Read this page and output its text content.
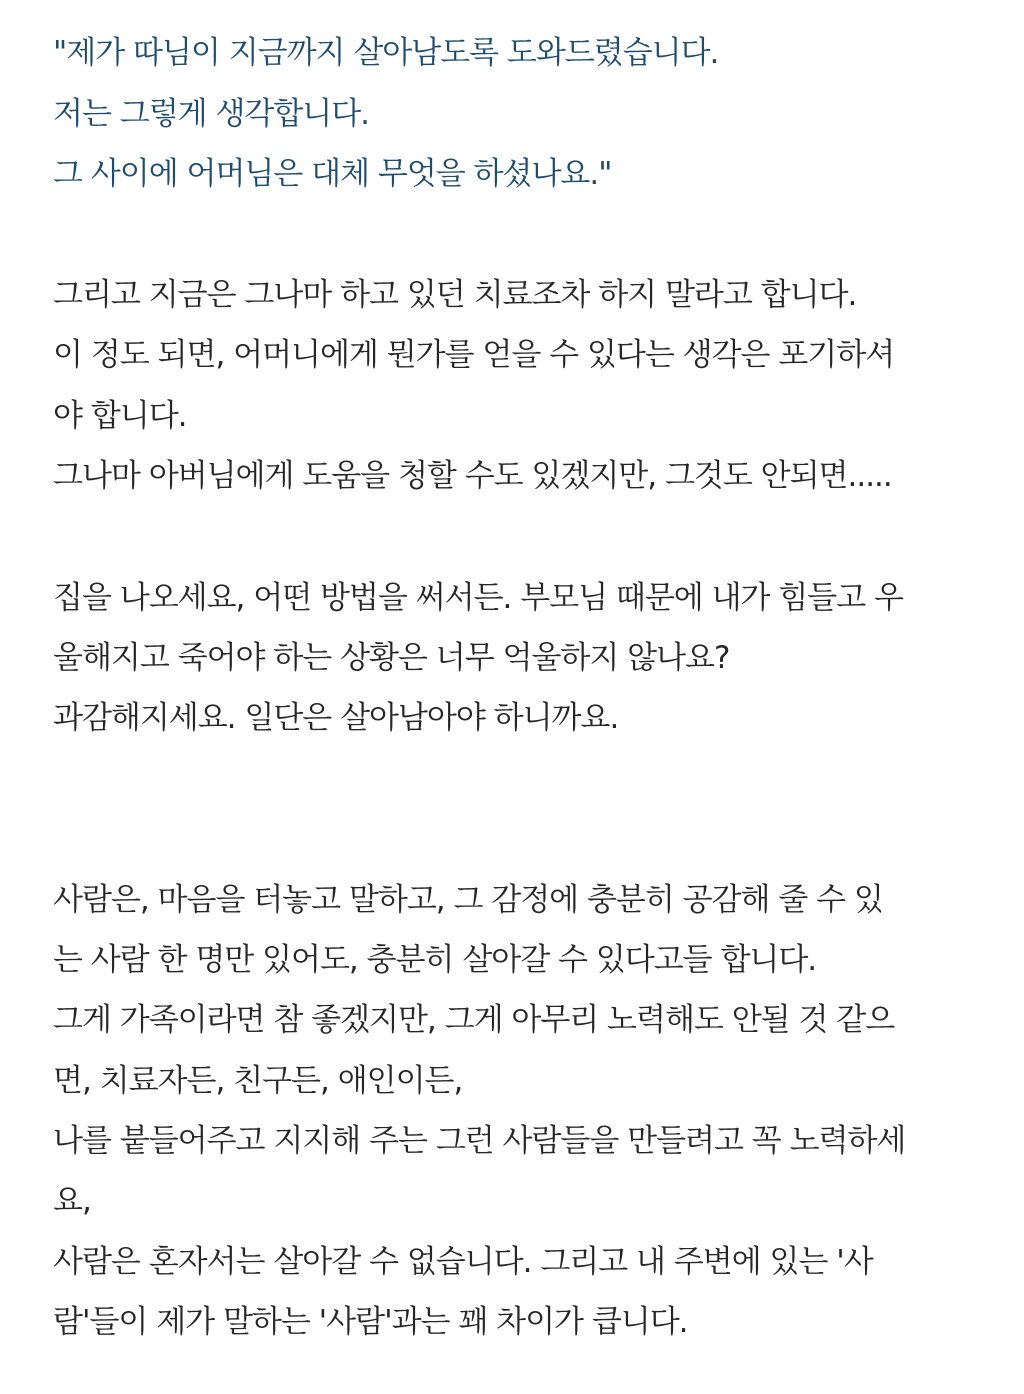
"제가 따님이 지금까지 살아남도록 도와드렸습니다.
저는 그렇게 생각합니다.
그 사이에 어머님은 대체 무엇을 하셨나요."
그리고 지금은 그나마 하고 있던 치료조차 하지 말라고 합니다.
이 정도 되면, 어머니에게 뭔가를 얻을 수 있다는 생각은 포기하셔
야 합니다.
그나마 아버님에게 도움을 청할 수도 있겠지만, 그것도 안되면.....
집을 나오세요, 어떤 방법을 써서든. 부모님 때문에 내가 힘들고 우
울해지고 죽어야 하는 상황은 너무 억울하지 않나요?
과감해지세요. 일단은 살아남아야 하니까요.
사람은, 마음을 터놓고 말하고, 그 감정에 충분히 공감해 줄 수 있
는 사람 한 명만 있어도, 충분히 살아갈 수 있다고들 합니다.
그게 가족이라면 참 좋겠지만, 그게 아무리 노력해도 안될 것 같으
면, 치료자든, 친구든, 애인이든,
나를 붙들어주고 지지해 주는 그런 사람들을 만들려고 꼭 노력하세
요,
사람은 혼자서는 살아갈 수 없습니다. 그리고 내 주변에 있는 '사
람'들이 제가 말하는 '사람'과는 꽤 차이가 큽니다.
